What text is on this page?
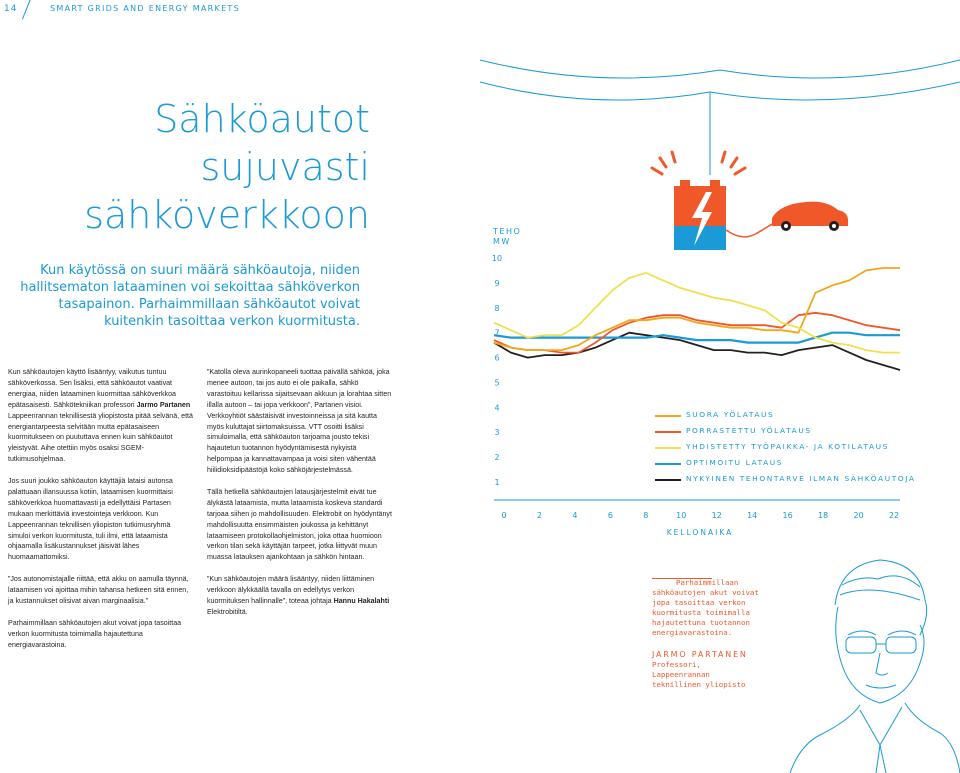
14	SMART GRIDS AND ENERGY MARKETS
Sähköautot
sujuvasti
sähköverkkoon
Kun käytössä on suuri määrä sähköautoja, niiden
hallitsematon lataaminen voi sekoittaa sähköverkon
tasapainon. Parhaimmillaan sähköautot voivat
kuitenkin tasoittaa verkon kuormitusta.

Kun sähköautojen käyttö lisääntyy, vaikutus tuntuu sähköverkossa. Sen lisäksi, että sähköautot vaativat energiaa, niiden lataaminen kuormittaa sähköverkkoa epätasaisesti. Sähkötekniikan professori Jarmo Partanen Lappeenrannan teknillisestä yliopistosta pitää selvänä, että energiantarpeesta selvitään mutta epätasaiseen kuormitukseen on puututtava ennen kuin sähköautot yleistyvät. Aihe otettiin myös osaksi SGEM-tutkimusohjelmaa.

Jos suuri joukko sähköauton käyttäjiä lataisi autonsa palattuaan illansuussa kotiin, lataamisen kuormittaisi sähköverkkoa huomattavasti ja edellyttäisi Partasen mukaan merkittäviä investointeja verkkoon. Kun Lappeenrannan teknillisen yliopiston tutkimusryhmä simuloi verkon kuormitusta, tuli ilmi, että lataamista ohjaamalla lisäkustannukset jäisivät lähes huomaamattomiksi.

”Jos autonomistajalle riittää, että akku on aamulla täynnä, lataamisen voi ajoittaa mihin tahansa hetkeen sitä ennen, ja kustannukset olisivat aivan marginaalisia.”

Parhaimmillaan sähköautojen akut voivat jopa tasoittaa verkon kuormitusta toimimalla hajautettuna energiavarastoina.

”Katolla oleva aurinkopaneeli tuottaa päivällä sähköä, joka menee autoon, tai jos auto ei ole paikalla, sähkö varastoituu kellarissa sijaitsevaan akkuun ja lorahtaa sitten illalla autoon – tai jopa verkkoon”, Partanen visioi. Verkkoyhtiöt säästäisivät investoinneissa ja sitä kautta myös kuluttajat siirtomaksuissa. VTT osoitti lisäksi simuloimalla, että sähköauton tarjoama jousto tekisi hajautetun tuotannon hyödyntämisestä nykyistä helpompaa ja kannattavampaa ja voisi siten vähentää hiilidioksidipäästöjä koko sähköjärjestelmässä.

Tällä hetkellä sähköautojen latausjärjestelmit eivät tue älykästä lataamista, mutta lataamista koskeva standardi tarjoaa siihen jo mahdollisuuden. Elektrobit on hyödyntänyt mahdollisuutta ensimmäisten joukossa ja kehittänyt lataamiseen protokollaohjelmiston, joka ottaa huomioon verkon tilan sekä käyttäjän tarpeet, jotka liittyvät muun muassa latauksen ajankohtaan ja sähkön hintaan.

”Kun sähköautojen määrä lisääntyy, niiden liittäminen verkkoon älykkäällä tavalla on edellytys verkon kuormituksen hallinnalle”, toteaa johtaja Hannu Hakalahti Elektrobitiltä.

TEHO
MW
1
2
3
4
5
6
7
8
9
10
0	2	4	6	8	10	12	14	16	18	20	22
KELLONAIKA
SUORA YÖLATAUS
PORRASTETTU YÖLATAUS
YHDISTETTY TYÖPAIKKA- JA KOTILATAUS
OPTIMOITU LATAUS
NYKYINEN TEHONTARVE ILMAN SÄHKÖAUTOJA
Parhaimmillaan
sähköautojen akut voivat
jopa tasoittaa verkon
kuormitusta toimimalla
hajautettuna tuotannon
energiavarastoina.
JARMO PARTANEN
Professori,
Lappeenrannan
teknillinen yliopisto
